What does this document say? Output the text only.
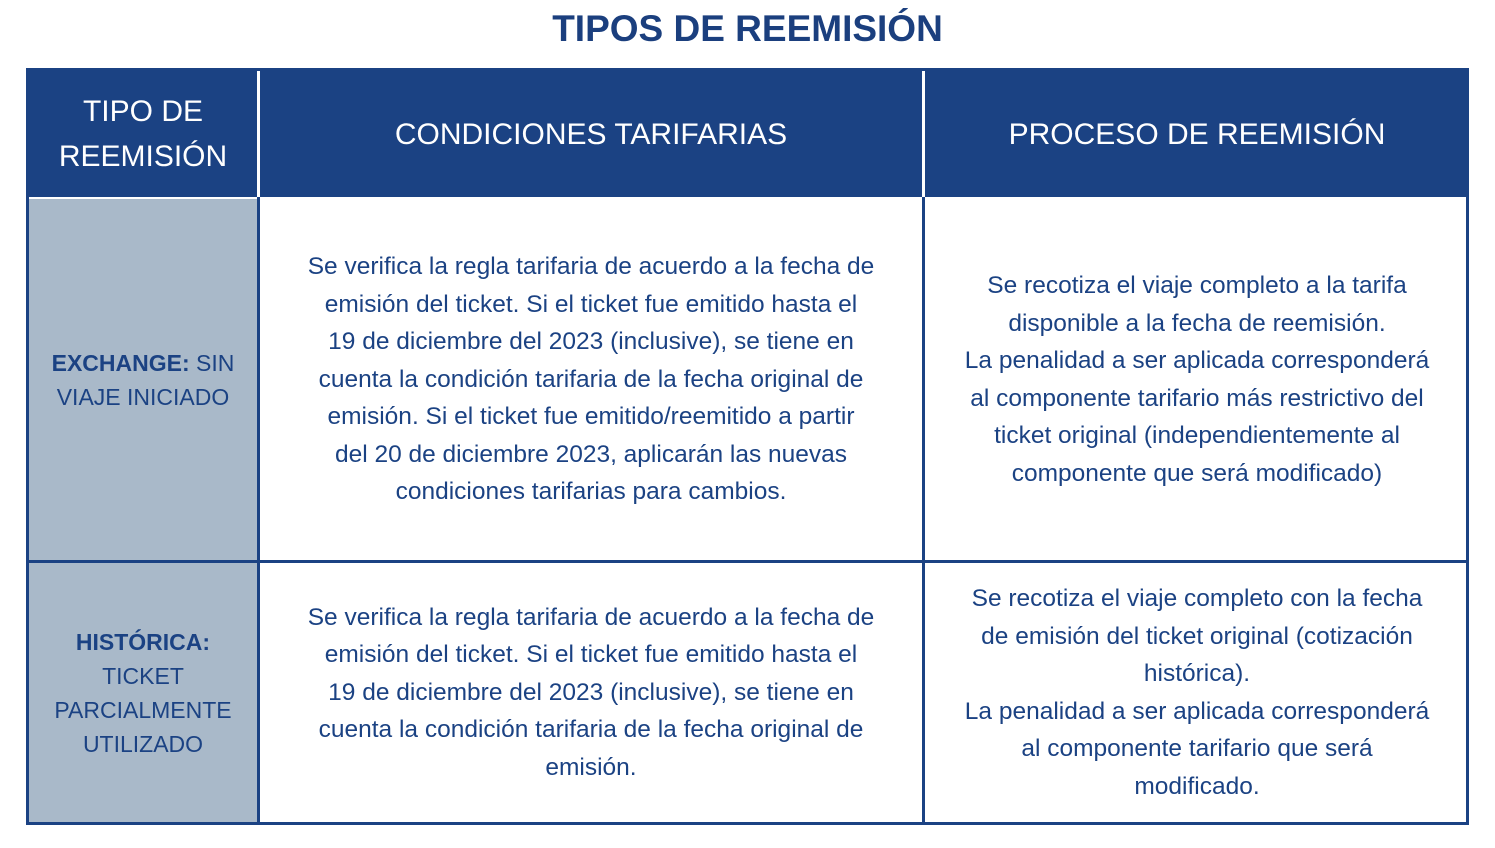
TIPOS DE REEMISIÓN
TIPO DE
REEMISIÓN
CONDICIONES TARIFARIAS	PROCESO DE REEMISIÓN
EXCHANGE: SIN VIAJE INICIADO
Se verifica la regla tarifaria de acuerdo a la fecha de
emisión del ticket. Si el ticket fue emitido hasta el
19 de diciembre del 2023 (inclusive), se tiene en
cuenta la condición tarifaria de la fecha original de
emisión. Si el ticket fue emitido/reemitido a partir
del 20 de diciembre 2023, aplicarán las nuevas
condiciones tarifarias para cambios.
Se recotiza el viaje completo a la tarifa
disponible a la fecha de reemisión.
La penalidad a ser aplicada corresponderá
al componente tarifario más restrictivo del
ticket original (independientemente al
componente que será modificado)
HISTÓRICA:
TICKET PARCIALMENTE UTILIZADO
Se verifica la regla tarifaria de acuerdo a la fecha de
emisión del ticket. Si el ticket fue emitido hasta el
19 de diciembre del 2023 (inclusive), se tiene en
cuenta la condición tarifaria de la fecha original de
emisión.
Se recotiza el viaje completo con la fecha
de emisión del ticket original (cotización
histórica).
La penalidad a ser aplicada corresponderá
al componente tarifario que será
modificado.
